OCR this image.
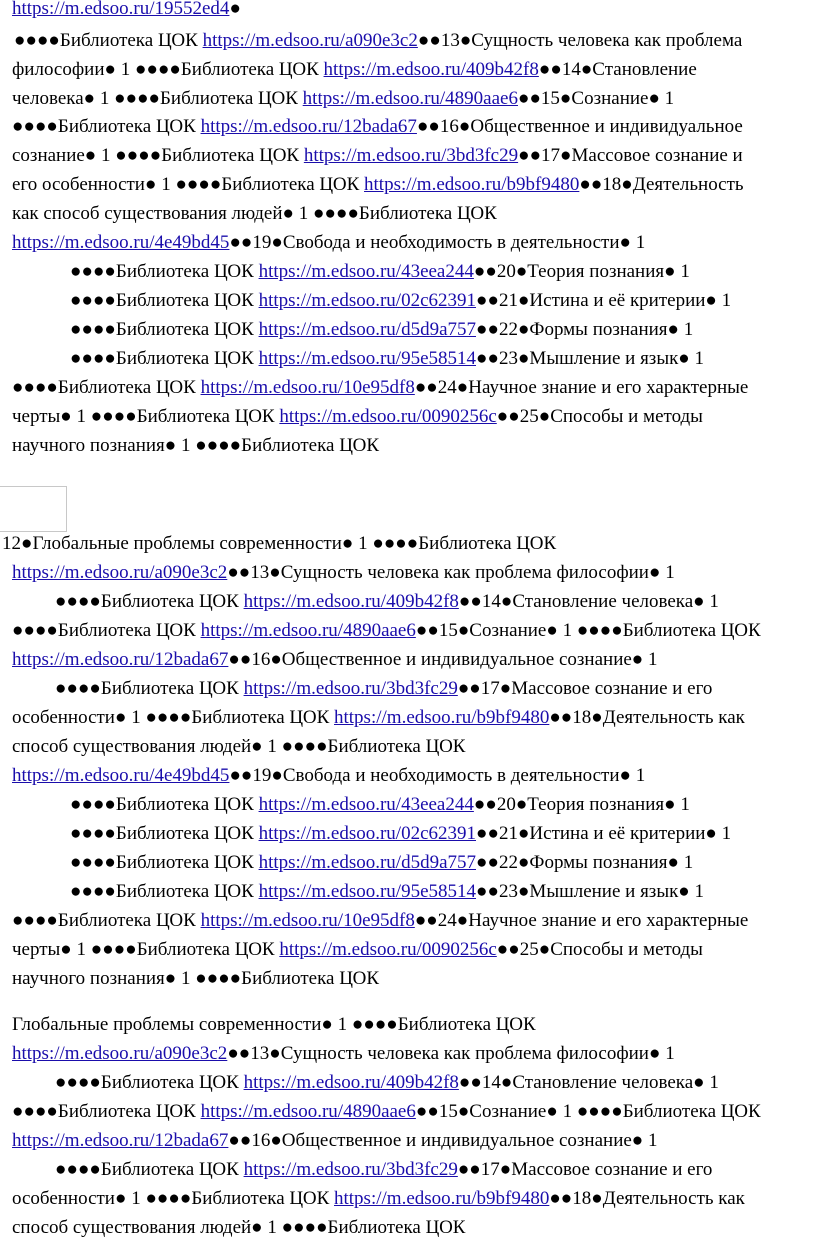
https://m.edsoo.ru/19552ed4●
●●●●Библиотека ЦОК https://m.edsoo.ru/a090e3c2●●13●Сущность человека как проблема
философии● 1 ●●●●Библиотека ЦОК https://m.edsoo.ru/409b42f8●●14●Становление
человека● 1 ●●●●Библиотека ЦОК https://m.edsoo.ru/4890aae6●●15●Сознание● 1
●●●●Библиотека ЦОК https://m.edsoo.ru/12bada67●●16●Общественное и индивидуальное
сознание● 1 ●●●●Библиотека ЦОК https://m.edsoo.ru/3bd3fc29●●17●Массовое сознание и
его особенности● 1 ●●●●Библиотека ЦОК https://m.edsoo.ru/b9bf9480●●18●Деятельность
как способ существования людей● 1 ●●●●Библиотека ЦОК
https://m.edsoo.ru/4e49bd45●●19●Свобода и необходимость в деятельности● 1
●●●●Библиотека ЦОК https://m.edsoo.ru/43eea244●●20●Теория познания● 1
●●●●Библиотека ЦОК https://m.edsoo.ru/02c62391●●21●Истина и её критерии● 1
●●●●Библиотека ЦОК https://m.edsoo.ru/d5d9a757●●22●Формы познания● 1
●●●●Библиотека ЦОК https://m.edsoo.ru/95e58514●●23●Мышление и язык● 1
●●●●Библиотека ЦОК https://m.edsoo.ru/10e95df8●●24●Научное знание и его характерные
черты● 1 ●●●●Библиотека ЦОК https://m.edsoo.ru/0090256c●●25●Способы и методы
научного познания● 1 ●●●●Библиотека ЦОК
12●Глобальные проблемы современности● 1 ●●●●Библиотека ЦОК
https://m.edsoo.ru/a090e3c2●●13●Сущность человека как проблема философии● 1
●●●●Библиотека ЦОК https://m.edsoo.ru/409b42f8●●14●Становление человека● 1
●●●●Библиотека ЦОК https://m.edsoo.ru/4890aae6●●15●Сознание● 1 ●●●●Библиотека ЦОК
https://m.edsoo.ru/12bada67●●16●Общественное и индивидуальное сознание● 1
●●●●Библиотека ЦОК https://m.edsoo.ru/3bd3fc29●●17●Массовое сознание и его
особенности● 1 ●●●●Библиотека ЦОК https://m.edsoo.ru/b9bf9480●●18●Деятельность как
способ существования людей● 1 ●●●●Библиотека ЦОК
https://m.edsoo.ru/4e49bd45●●19●Свобода и необходимость в деятельности● 1
●●●●Библиотека ЦОК https://m.edsoo.ru/43eea244●●20●Теория познания● 1
●●●●Библиотека ЦОК https://m.edsoo.ru/02c62391●●21●Истина и её критерии● 1
●●●●Библиотека ЦОК https://m.edsoo.ru/d5d9a757●●22●Формы познания● 1
●●●●Библиотека ЦОК https://m.edsoo.ru/95e58514●●23●Мышление и язык● 1
●●●●Библиотека ЦОК https://m.edsoo.ru/10e95df8●●24●Научное знание и его характерные
черты● 1 ●●●●Библиотека ЦОК https://m.edsoo.ru/0090256c●●25●Способы и методы
научного познания● 1 ●●●●Библиотека ЦОК
Глобальные проблемы современности● 1 ●●●●Библиотека ЦОК
https://m.edsoo.ru/a090e3c2●●13●Сущность человека как проблема философии● 1
●●●●Библиотека ЦОК https://m.edsoo.ru/409b42f8●●14●Становление человека● 1
●●●●Библиотека ЦОК https://m.edsoo.ru/4890aae6●●15●Сознание● 1 ●●●●Библиотека ЦОК
https://m.edsoo.ru/12bada67●●16●Общественное и индивидуальное сознание● 1
●●●●Библиотека ЦОК https://m.edsoo.ru/3bd3fc29●●17●Массовое сознание и его
особенности● 1 ●●●●Библиотека ЦОК https://m.edsoo.ru/b9bf9480●●18●Деятельность как
способ существования людей● 1 ●●●●Библиотека ЦОК
